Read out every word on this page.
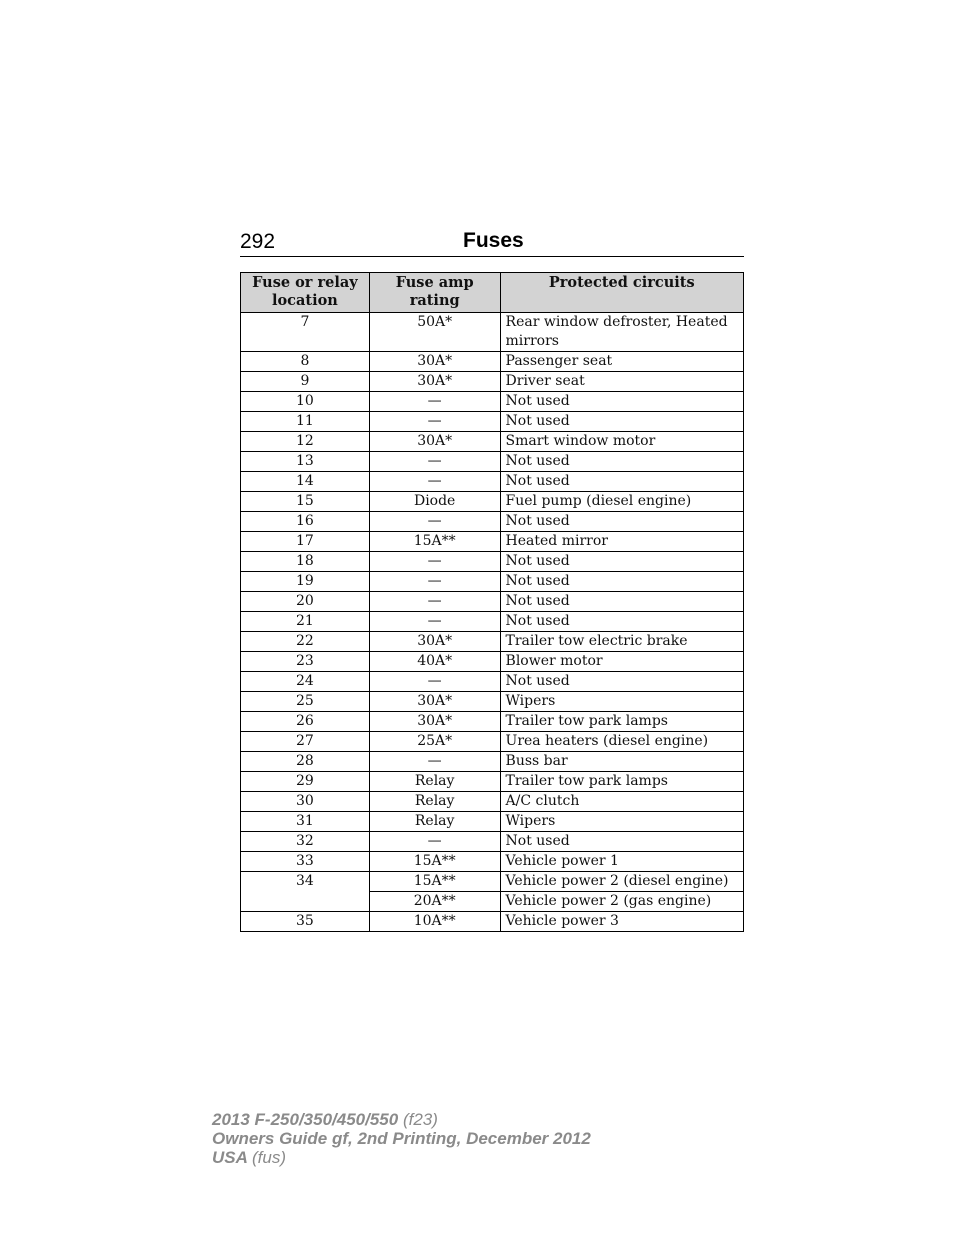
292	Fuses
Fuse or relay location	Fuse amp rating	Protected circuits
7	50A*	Rear window defroster, Heated mirrors
8	30A*	Passenger seat
9	30A*	Driver seat
10	—	Not used
11	—	Not used
12	30A*	Smart window motor
13	—	Not used
14	—	Not used
15	Diode	Fuel pump (diesel engine)
16	—	Not used
17	15A**	Heated mirror
18	—	Not used
19	—	Not used
20	—	Not used
21	—	Not used
22	30A*	Trailer tow electric brake
23	40A*	Blower motor
24	—	Not used
25	30A*	Wipers
26	30A*	Trailer tow park lamps
27	25A*	Urea heaters (diesel engine)
28	—	Buss bar
29	Relay	Trailer tow park lamps
30	Relay	A/C clutch
31	Relay	Wipers
32	—	Not used
33	15A**	Vehicle power 1
34	15A**	Vehicle power 2 (diesel engine)
	20A**	Vehicle power 2 (gas engine)
35	10A**	Vehicle power 3
2013 F-250/350/450/550 (f23)
Owners Guide gf, 2nd Printing, December 2012
USA (fus)
